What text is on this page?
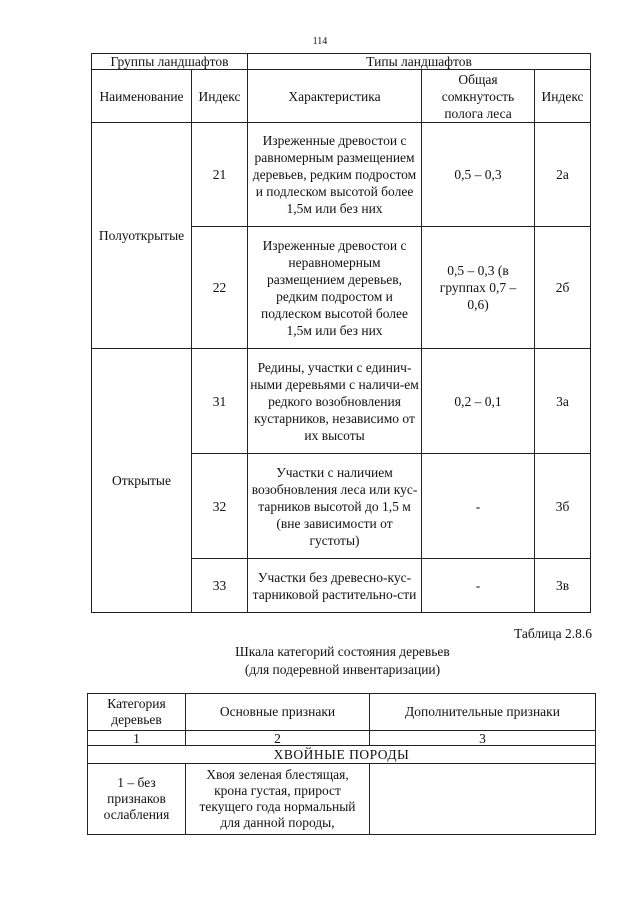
114
Группы ландшафтов		Типы ландшафтов		
Наименование	Индекс	Характеристика	Общая сомкнутость полога леса	Индекс
Полуоткрытые	21	Изреженные древостои с равномерным размещением деревьев, редким подростом и подлеском высотой более 1,5м или без них	0,5 – 0,3	2а
	22	Изреженные древостои с неравномерным размещением деревьев, редким подростом и подлеском высотой более 1,5м или без них	0,5 – 0,3 (в группах 0,7 – 0,6)	2б
Открытые	31	Редины, участки с единич-ными деревьями с наличи-ем редкого возобновления кустарников, независимо от их высоты	0,2 – 0,1	3а
	32	Участки с наличием возобновления леса или кус-тарников высотой до 1,5 м (вне зависимости от густоты)	-	3б
	33	Участки без древесно-кус-тарниковой растительно-сти	-	3в
Таблица 2.8.6
Шкала категорий состояния деревьев
(для подеревной инвентаризации)
Категория деревьев	Основные признаки	Дополнительные признаки
1	2	3
ХВОЙНЫЕ ПОРОДЫ		
1 – без признаков ослабления	Хвоя зеленая блестящая, крона густая, прирост текущего года нормальный для данной породы,	
